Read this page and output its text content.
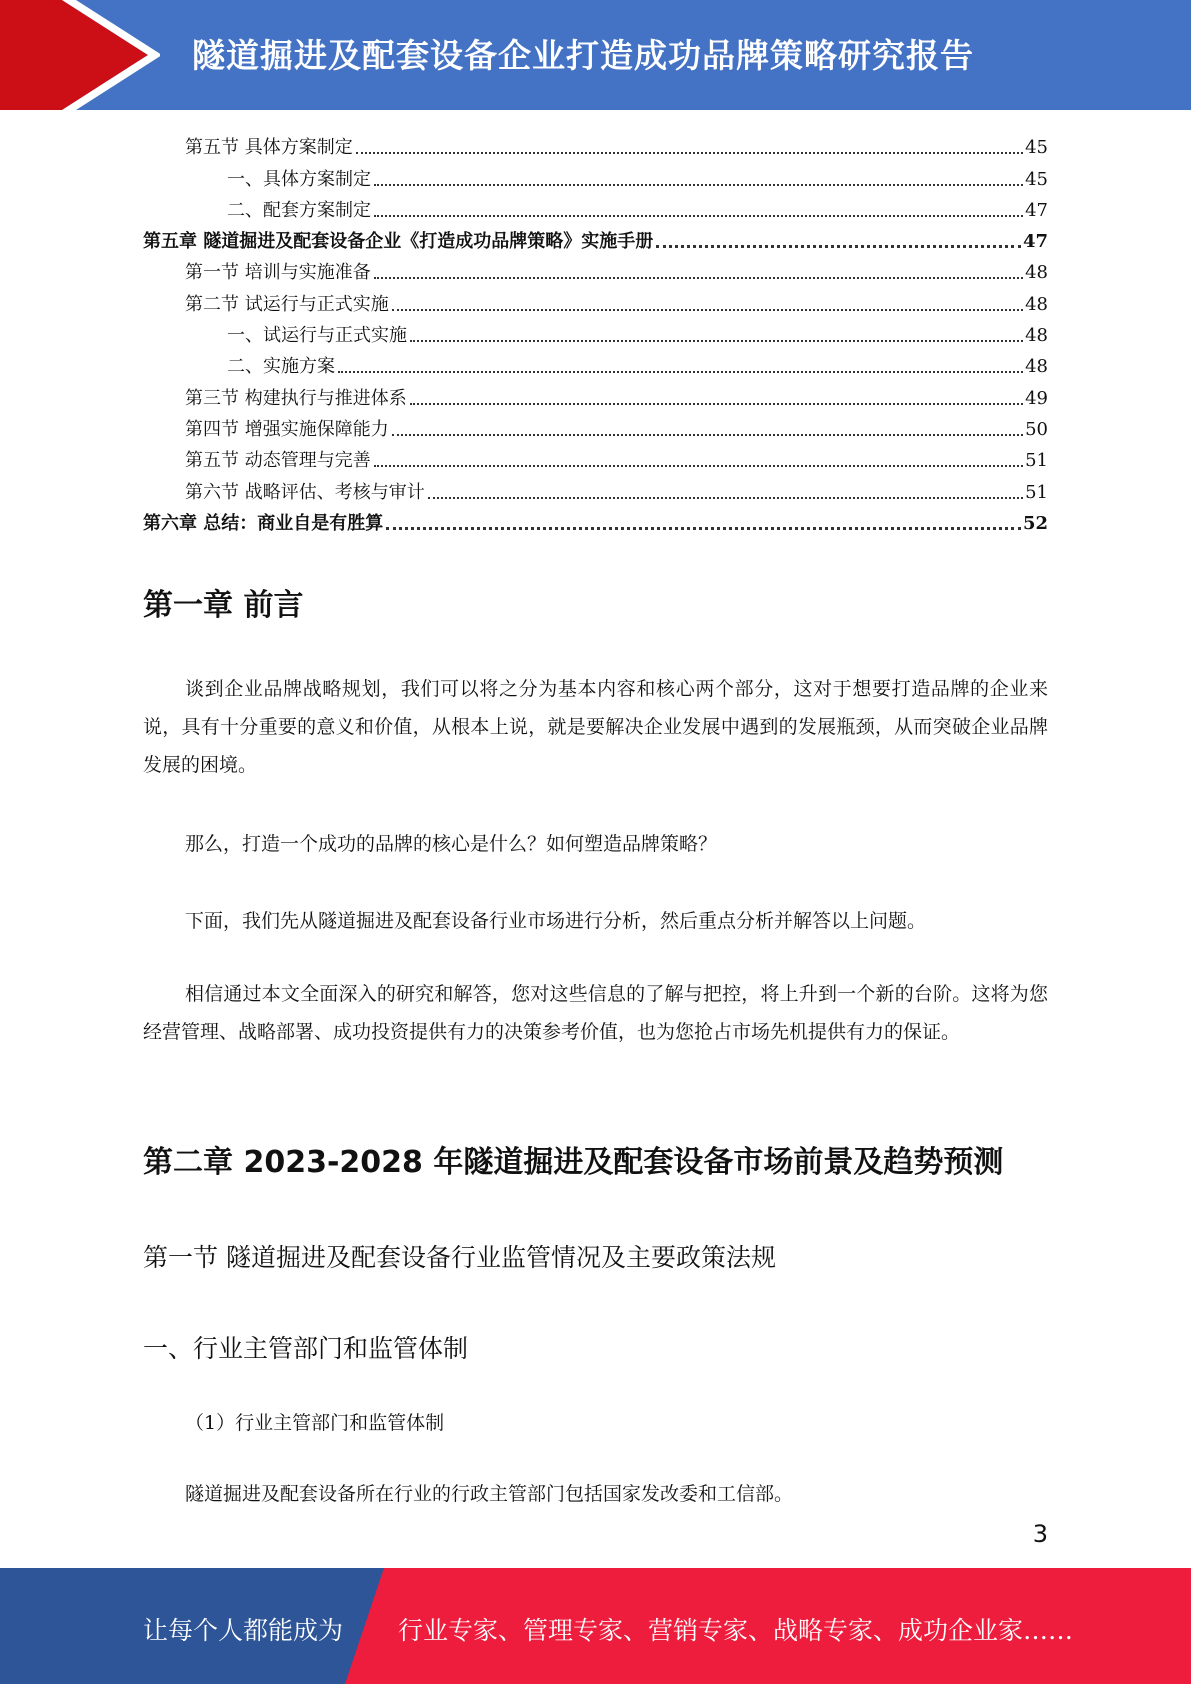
隧道掘进及配套设备企业打造成功品牌策略研究报告
第五节 具体方案制定	45
一、具体方案制定	45
二、配套方案制定	47
第五章 隧道掘进及配套设备企业《打造成功品牌策略》实施手册	47
第一节 培训与实施准备	48
第二节 试运行与正式实施	48
一、试运行与正式实施	48
二、实施方案	48
第三节 构建执行与推进体系	49
第四节 增强实施保障能力	50
第五节 动态管理与完善	51
第六节 战略评估、考核与审计	51
第六章 总结：商业自是有胜算	52
第一章 前言

谈到企业品牌战略规划，我们可以将之分为基本内容和核心两个部分，这对于想要打造品牌的企业来说，具有十分重要的意义和价值，从根本上说，就是要解决企业发展中遇到的发展瓶颈，从而突破企业品牌发展的困境。

那么，打造一个成功的品牌的核心是什么？如何塑造品牌策略？

下面，我们先从隧道掘进及配套设备行业市场进行分析，然后重点分析并解答以上问题。

相信通过本文全面深入的研究和解答，您对这些信息的了解与把控，将上升到一个新的台阶。这将为您经营管理、战略部署、成功投资提供有力的决策参考价值，也为您抢占市场先机提供有力的保证。

第二章 2023-2028 年隧道掘进及配套设备市场前景及趋势预测
第一节 隧道掘进及配套设备行业监管情况及主要政策法规
一、行业主管部门和监管体制

（1）行业主管部门和监管体制

隧道掘进及配套设备所在行业的行政主管部门包括国家发改委和工信部。

3
让每个人都能成为 行业专家、管理专家、营销专家、战略专家、成功企业家……
